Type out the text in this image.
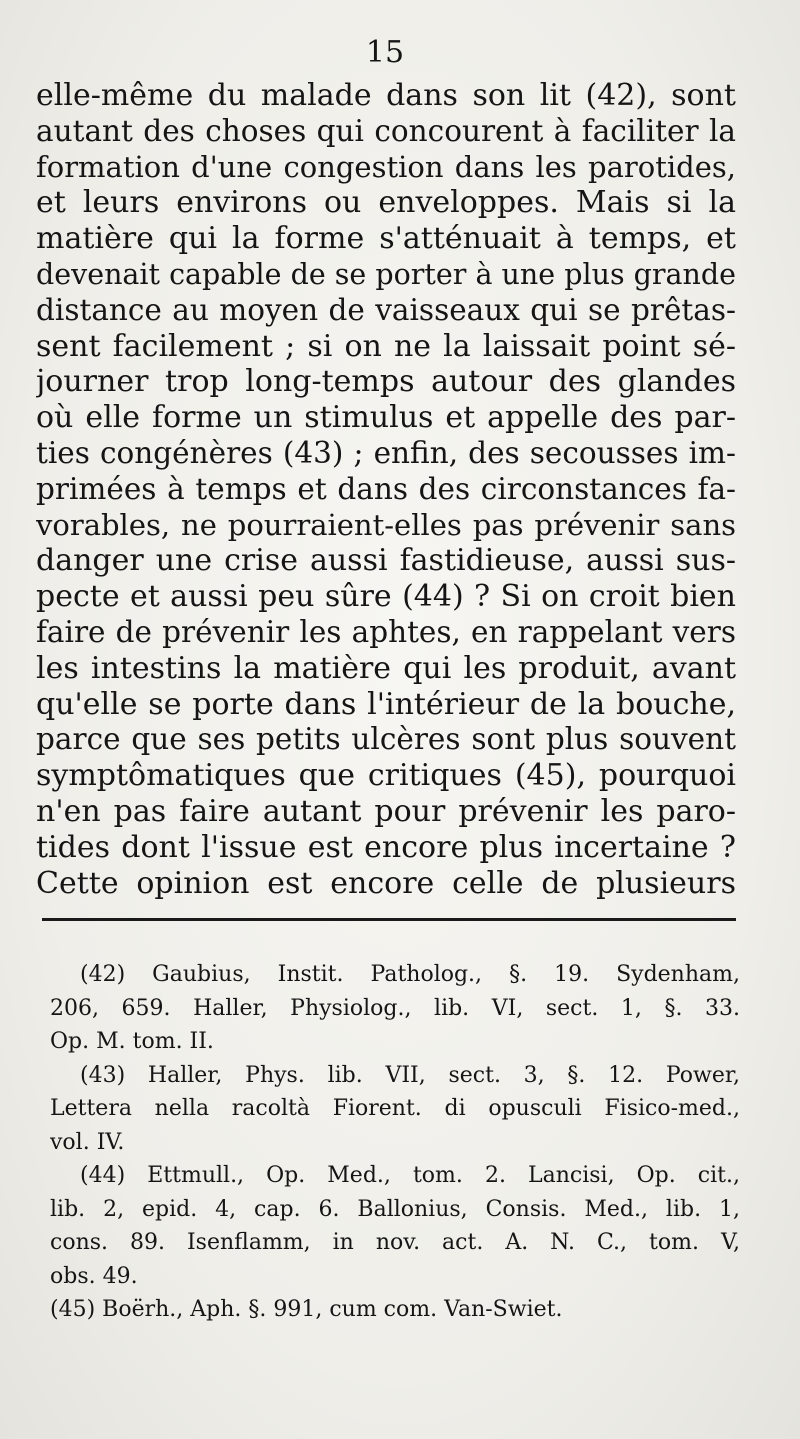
15
elle-même du malade dans son lit (42), sont
autant des choses qui concourent à faciliter la
formation d'une congestion dans les parotides,
et leurs environs ou enveloppes. Mais si la
matière qui la forme s'atténuait à temps, et
devenait capable de se porter à une plus grande
distance au moyen de vaisseaux qui se prêtas-
sent facilement ; si on ne la laissait point sé-
journer trop long-temps autour des glandes
où elle forme un stimulus et appelle des par-
ties congénères (43) ; enfin, des secousses im-
primées à temps et dans des circonstances fa-
vorables, ne pourraient-elles pas prévenir sans
danger une crise aussi fastidieuse, aussi sus-
pecte et aussi peu sûre (44) ? Si on croit bien
faire de prévenir les aphtes, en rappelant vers
les intestins la matière qui les produit, avant
qu'elle se porte dans l'intérieur de la bouche,
parce que ses petits ulcères sont plus souvent
symptômatiques que critiques (45), pourquoi
n'en pas faire autant pour prévenir les paro-
tides dont l'issue est encore plus incertaine ?
Cette opinion est encore celle de plusieurs
(42) Gaubius, Instit. Patholog., §. 19. Sydenham,
206, 659. Haller, Physiolog., lib. VI, sect. 1, §. 33.
Op. M. tom. II.
(43) Haller, Phys. lib. VII, sect. 3, §. 12. Power,
Lettera nella racoltà Fiorent. di opusculi Fisico-med.,
vol. IV.
(44) Ettmull., Op. Med., tom. 2. Lancisi, Op. cit.,
lib. 2, epid. 4, cap. 6. Ballonius, Consis. Med., lib. 1,
cons. 89. Isenflamm, in nov. act. A. N. C., tom. V,
obs. 49.
(45) Boërh., Aph. §. 991, cum com. Van-Swiet.
